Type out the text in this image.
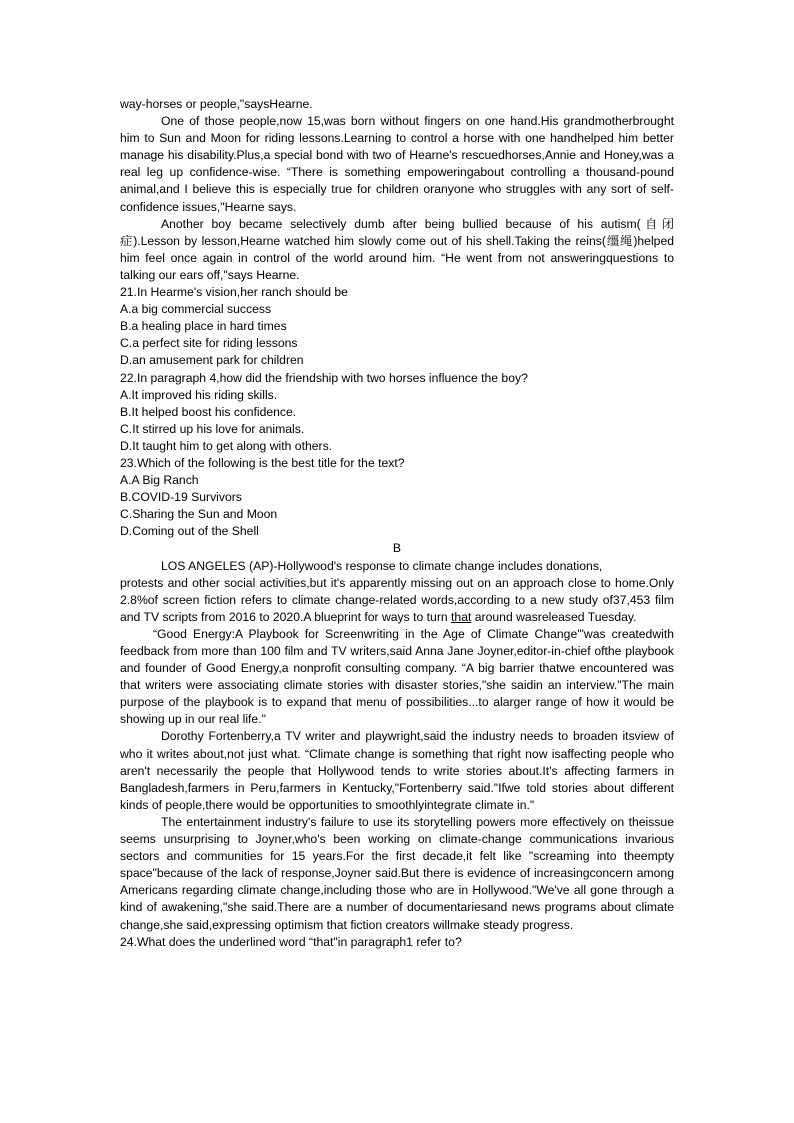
way-horses or people,"saysHearne.

One of those people,now 15,was born without fingers on one hand.His grandmotherbrought him to Sun and Moon for riding lessons.Learning to control a horse with one handhelped him better manage his disability.Plus,a special bond with two of Hearne's rescuedhorses,Annie and Honey,was a real leg up confidence-wise. “There is something empoweringabout controlling a thousand-pound animal,and I believe this is especially true for children oranyone who struggles with any sort of self-confidence issues,"Hearne says.

Another boy became selectively dumb after being bullied because of his autism(自闭症).Lesson by lesson,Hearne watched him slowly come out of his shell.Taking the reins(缰绳)helped him feel once again in control of the world around him. “He went from not answeringquestions to talking our ears off,"says Hearne.

21.In Hearme's vision,her ranch should be

A.a big commercial success

B.a healing place in hard times

C.a perfect site for riding lessons

D.an amusement park for children

22.In paragraph 4,how did the friendship with two horses influence the boy?

A.It improved his riding skills.

B.It helped boost his confidence.

C.It stirred up his love for animals.

D.It taught him to get along with others.

23.Which of the following is the best title for the text?

A.A Big Ranch

B.COVID-19 Survivors

C.Sharing the Sun and Moon

D.Coming out of the Shell

B

LOS ANGELES (AP)-Hollywood's response to climate change includes donations,

protests and other social activities,but it's apparently missing out on an approach close to home.Only 2.8%of screen fiction refers to climate change-related words,according to a new study of37,453 film and TV scripts from 2016 to 2020.A blueprint for ways to turn that around wasreleased Tuesday.

“Good Energy:A Playbook for Screenwriting in the Age of Climate Change'"was createdwith feedback from more than 100 film and TV writers,said Anna Jane Joyner,editor-in-chief ofthe playbook and founder of Good Energy,a nonprofit consulting company. “A big barrier thatwe encountered was that writers were associating climate stories with disaster stories,"she saidin an interview."The main purpose of the playbook is to expand that menu of possibilities...to alarger range of how it would be showing up in our real life."

Dorothy Fortenberry,a TV writer and playwright,said the industry needs to broaden itsview of who it writes about,not just what. “Climate change is something that right now isaffecting people who aren't necessarily the people that Hollywood tends to write stories about.It's affecting farmers in Bangladesh,farmers in Peru,farmers in Kentucky,"Fortenberry said."Ifwe told stories about different kinds of people,there would be opportunities to smoothlyintegrate climate in."

The entertainment industry's failure to use its storytelling powers more effectively on theissue seems unsurprising to Joyner,who's been working on climate-change communications invarious sectors and communities for 15 years.For the first decade,it felt like "screaming into theempty space"because of the lack of response,Joyner said.But there is evidence of increasingconcern among Americans regarding climate change,including those who are in Hollywood."We've all gone through a kind of awakening,"she said.There are a number of documentariesand news programs about climate change,she said,expressing optimism that fiction creators willmake steady progress.

24.What does the underlined word “that"in paragraph1 refer to?
